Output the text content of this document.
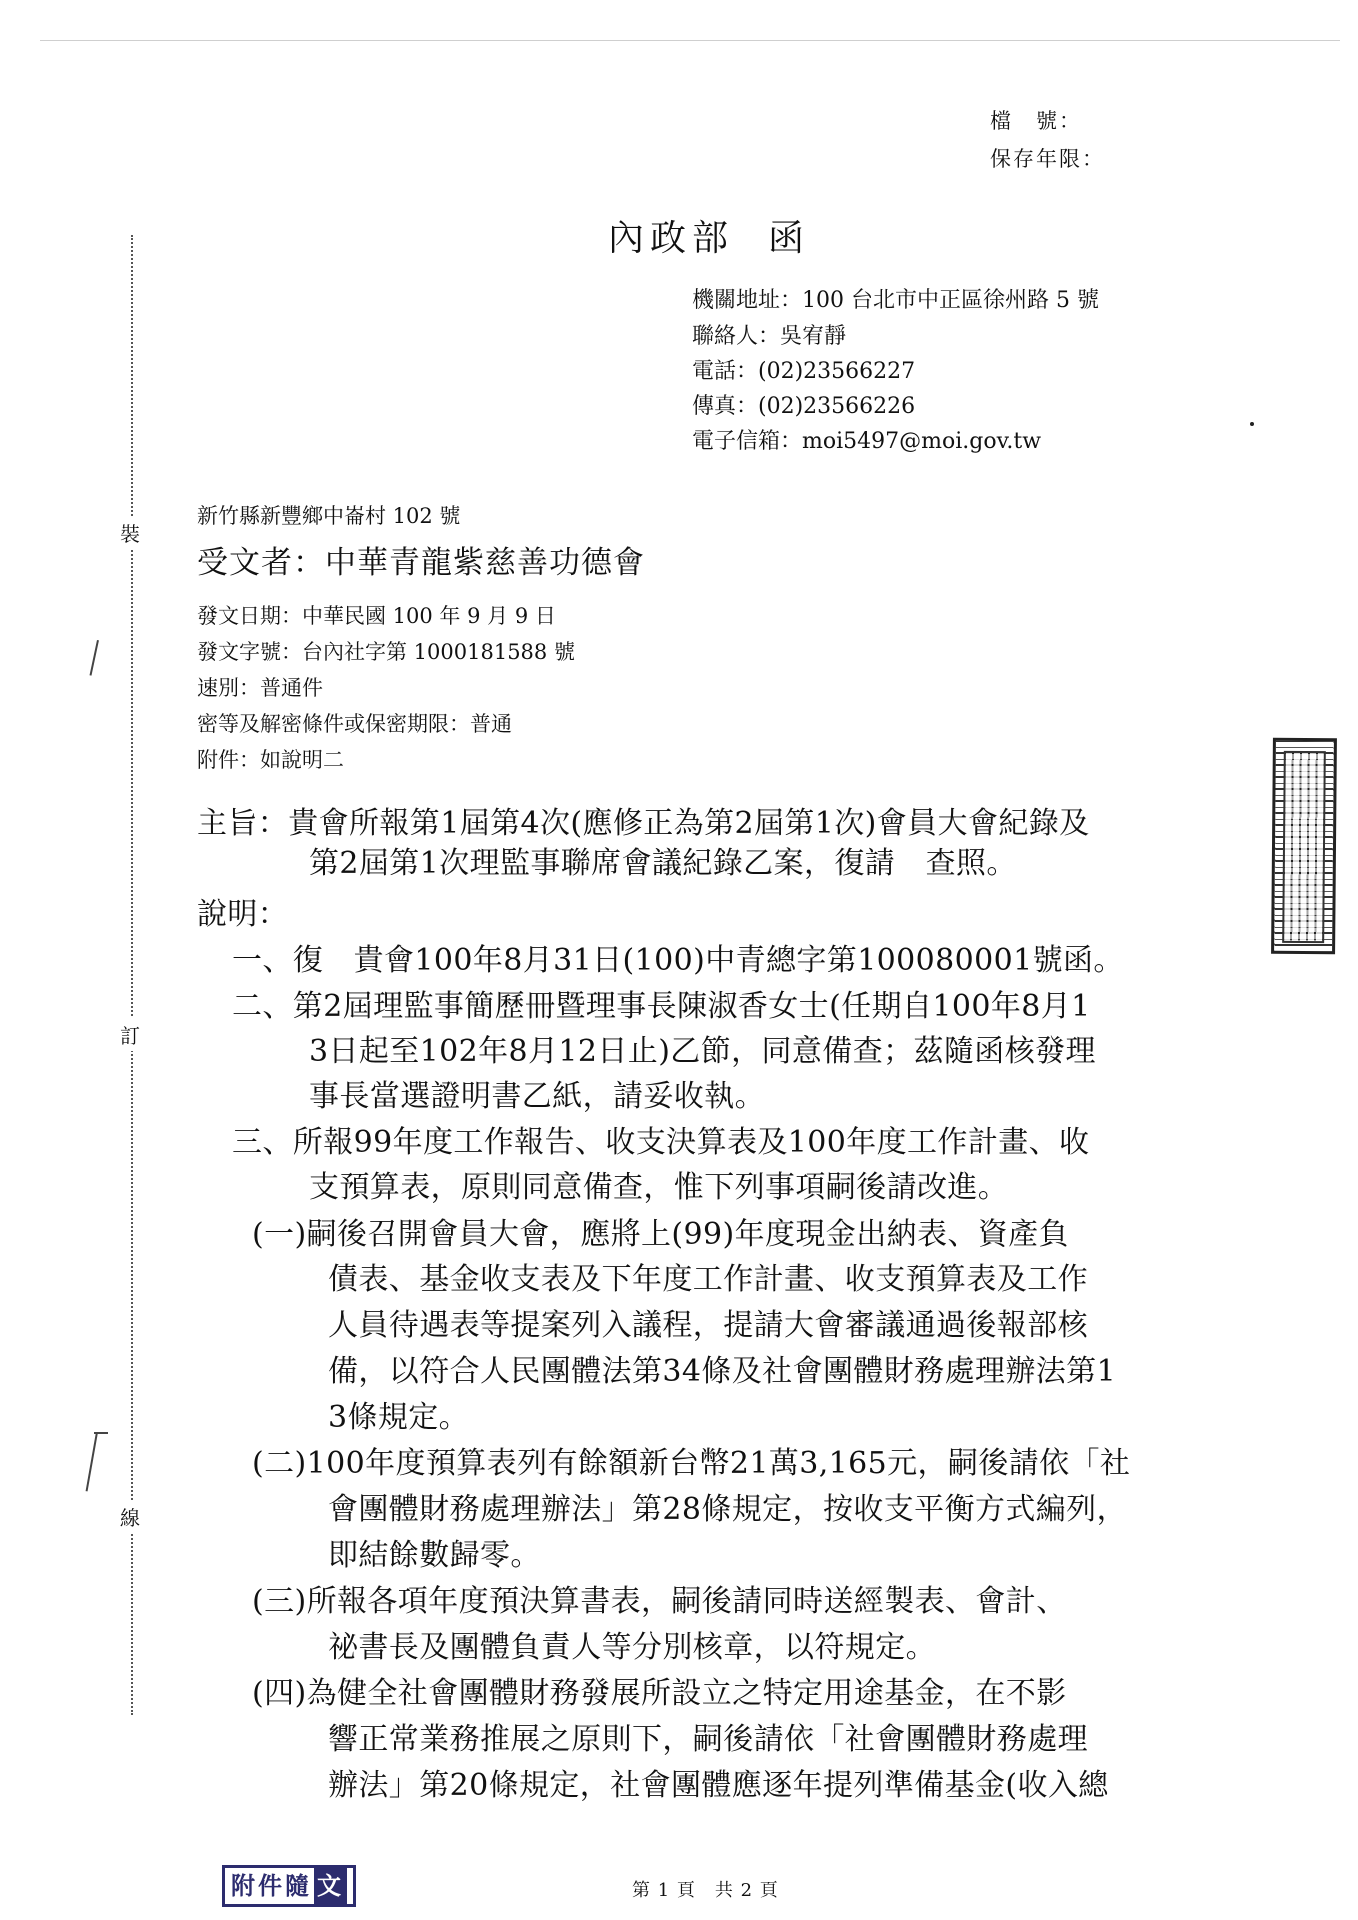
檔　號：
保存年限：
內政部 函
機關地址：100 台北市中正區徐州路 5 號
聯絡人：吳宥靜
電話：(02)23566227
傳真：(02)23566226
電子信箱：moi5497@moi.gov.tw
裝
訂
線
新竹縣新豐鄉中崙村 102 號
受文者：中華青龍紫慈善功德會
發文日期：中華民國 100 年 9 月 9 日
發文字號：台內社字第 1000181588 號
速別：普通件
密等及解密條件或保密期限：普通
附件：如說明二
主旨：貴會所報第1屆第4次(應修正為第2屆第1次)會員大會紀錄及
第2屆第1次理監事聯席會議紀錄乙案，復請　查照。
說明：
一、復　貴會100年8月31日(100)中青總字第100080001號函。
二、第2屆理監事簡歷冊暨理事長陳淑香女士(任期自100年8月1
3日起至102年8月12日止)乙節，同意備查；茲隨函核發理
事長當選證明書乙紙，請妥收執。
三、所報99年度工作報告、收支決算表及100年度工作計畫、收
支預算表，原則同意備查，惟下列事項嗣後請改進。
(一)嗣後召開會員大會，應將上(99)年度現金出納表、資產負
債表、基金收支表及下年度工作計畫、收支預算表及工作
人員待遇表等提案列入議程，提請大會審議通過後報部核
備，以符合人民團體法第34條及社會團體財務處理辦法第1
3條規定。
(二)100年度預算表列有餘額新台幣21萬3,165元，嗣後請依「社
會團體財務處理辦法」第28條規定，按收支平衡方式編列，
即結餘數歸零。
(三)所報各項年度預決算書表，嗣後請同時送經製表、會計、
祕書長及團體負責人等分別核章，以符規定。
(四)為健全社會團體財務發展所設立之特定用途基金，在不影
響正常業務推展之原則下，嗣後請依「社會團體財務處理
辦法」第20條規定，社會團體應逐年提列準備基金(收入總
附件隨 文	第 1 頁　共 2 頁
